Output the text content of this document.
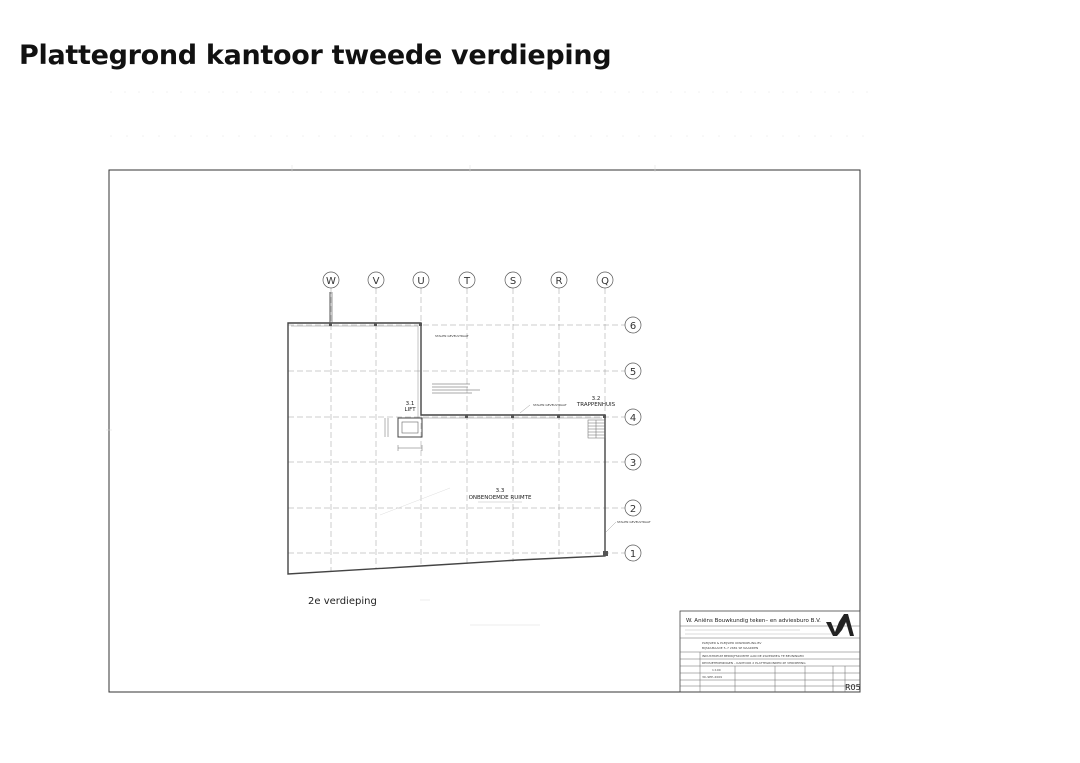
Plattegrond kantoor tweede verdieping
W	V	U	T	S	R	Q
6
5
4
3
2
1
3.1
LIFT
3.2
TRAPPENHUIS
3.3
ONBENOEMDE RUIMTE
STALEN GEVELSTRAAT
STALEN GEVELSTRAAT
STALEN GEVELSTRAAT
2e verdieping
W. Aniëns Bouwkundig teken– en adviesburo B.V.
PLEIJSIER & PLEIJSIER ONWIKKELING BV
BIJSKAMAADE 5–7 2681 SE NAARDEN
INDUSTRIEUM BEDRIJFSRUIMTE AAN DE ZILVERWEG TE BEUNINGEN
REVISIETEKENINGEN – KANTOOR 2 PLATTEGRONDEN 2E VERDIEPING
1:100
30–SEP–2009
R05
